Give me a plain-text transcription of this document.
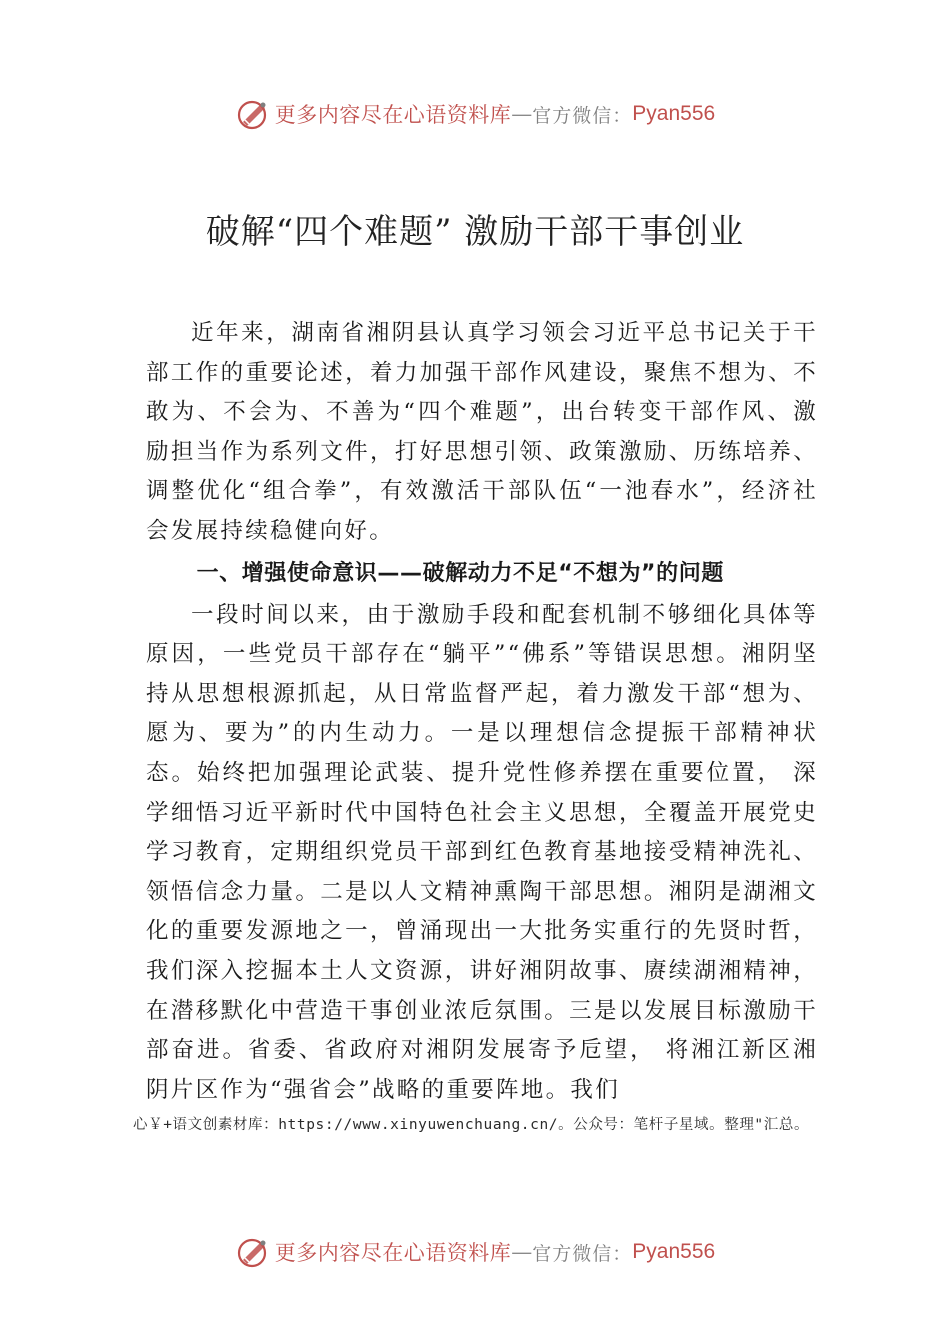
更多内容尽在心语资料库 — 官方微信： Pyan556
破解“四个难题” 激励干部干事创业

近年来，湖南省湘阴县认真学习领会习近平总书记关于干部工作的重要论述，着力加强干部作风建设，聚焦不想为、不敢为、不会为、不善为“四个难题”，出台转变干部作风、激励担当作为系列文件，打好思想引领、政策激励、历练培养、调整优化“组合拳”，有效激活干部队伍“一池春水”，经济社会发展持续稳健向好。

一、增强使命意识——破解动力不足“不想为”的问题

一段时间以来，由于激励手段和配套机制不够细化具体等原因，一些党员干部存在“躺平”“佛系”等错误思想。湘阴坚持从思想根源抓起，从日常监督严起，着力激发干部“想为、愿为、要为”的内生动力。一是以理想信念提振干部精神状态。始终把加强理论武装、提升党性修养摆在重要位置， 深学细悟习近平新时代中国特色社会主义思想，全覆盖开展党史学习教育，定期组织党员干部到红色教育基地接受精神洗礼、领悟信念力量。二是以人文精神熏陶干部思想。湘阴是湖湘文化的重要发源地之一，曾涌现出一大批务实重行的先贤时哲，我们深入挖掘本土人文资源，讲好湘阴故事、赓续湖湘精神，在潜移默化中营造干事创业浓卮氛围。三是以发展目标激励干部奋进。省委、省政府对湘阴发展寄予卮望， 将湘江新区湘阴片区作为“强省会”战略的重要阵地。我们

心￥+语文创素材库：https://www.xinyuwenchuang.cn/。公众号：笔杆子星域。整理"汇总。
更多内容尽在心语资料库 — 官方微信： Pyan556
